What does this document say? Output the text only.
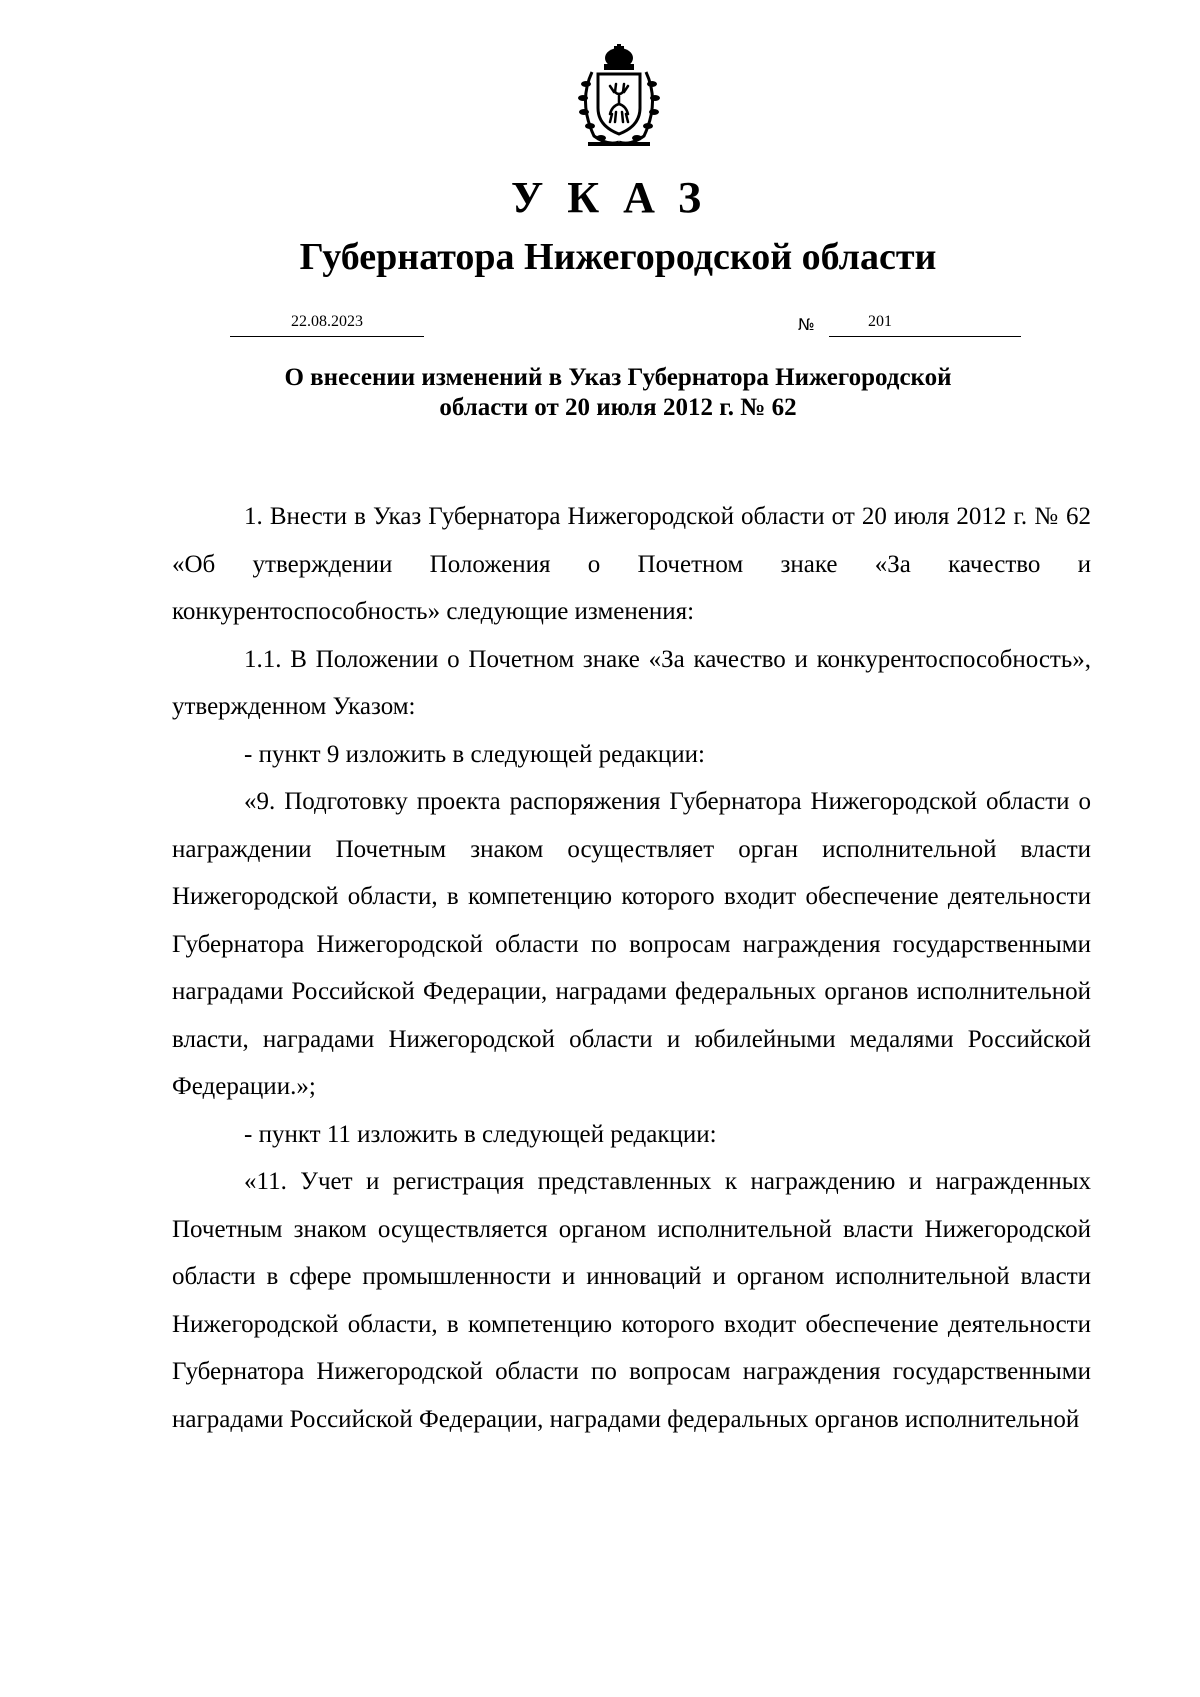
УКАЗ
Губернатора Нижегородской области
22.08.2023	№	201
О внесении изменений в Указ Губернатора Нижегородской
области от 20 июля 2012 г. № 62

1. Внести в Указ Губернатора Нижегородской области от 20 июля 2012 г. № 62 «Об утверждении Положения о Почетном знаке «За качество и конкурентоспособность» следующие изменения:

1.1. В Положении о Почетном знаке «За качество и конкурентоспособность», утвержденном Указом:

- пункт 9 изложить в следующей редакции:

«9. Подготовку проекта распоряжения Губернатора Нижегородской области о награждении Почетным знаком осуществляет орган исполнительной власти Нижегородской области, в компетенцию которого входит обеспечение деятельности Губернатора Нижегородской области по вопросам награждения государственными наградами Российской Федерации, наградами федеральных органов исполнительной власти, наградами Нижегородской области и юбилейными медалями Российской Федерации.»;

- пункт 11 изложить в следующей редакции:

«11. Учет и регистрация представленных к награждению и награжденных Почетным знаком осуществляется органом исполнительной власти Нижегородской области в сфере промышленности и инноваций и органом исполнительной власти Нижегородской области, в компетенцию которого входит обеспечение деятельности Губернатора Нижегородской области по вопросам награждения государственными наградами Российской Федерации, наградами федеральных органов исполнительной
